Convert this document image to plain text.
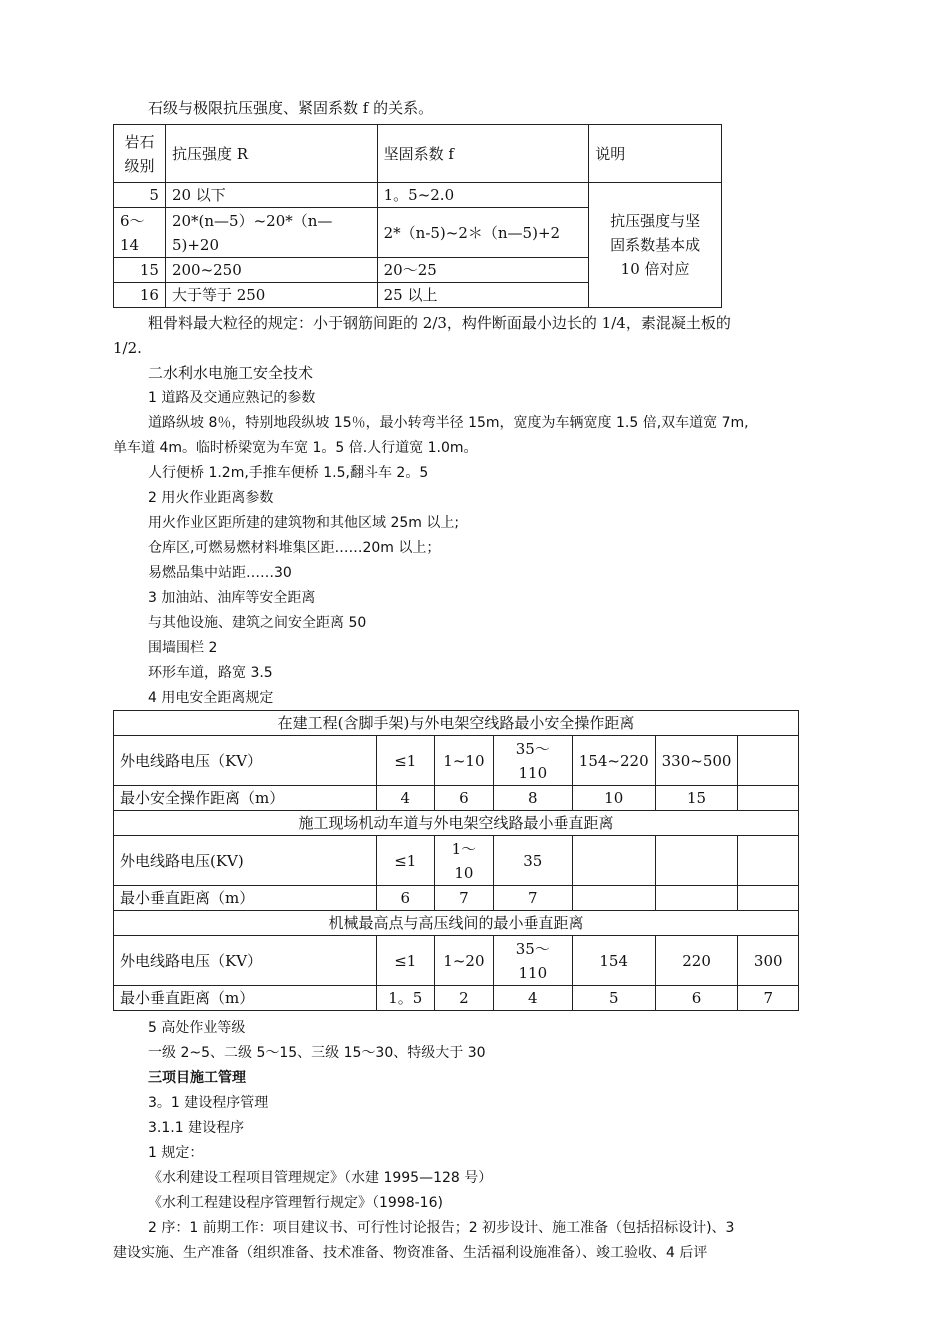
石级与极限抗压强度、紧固系数 f 的关系。
岩石
级别	抗压强度 R	坚固系数 f	说明
5	20 以下	1。5~2.0	抗压强度与坚
固系数基本成
10 倍对应

6～
14	20*(n—5）~20*（n—
5)+20	2*（n-5)~2＊（n—5)+2	
15	200~250	20～25	
16	大于等于 250	25 以上	
粗骨料最大粒径的规定：小于钢筋间距的 2/3，构件断面最小边长的 1/4，素混凝土板的
1/2.
二水利水电施工安全技术
1 道路及交通应熟记的参数
道路纵坡 8％，特别地段纵坡 15％，最小转弯半径 15m，宽度为车辆宽度 1.5 倍,双车道宽 7m,
单车道 4m。临时桥梁宽为车宽 1。5 倍.人行道宽 1.0m。
人行便桥 1.2m,手推车便桥 1.5,翻斗车 2。5
2 用火作业距离参数
用火作业区距所建的建筑物和其他区域 25m 以上;
仓库区,可燃易燃材料堆集区距……20m 以上；
易燃品集中站距……30
3 加油站、油库等安全距离
与其他设施、建筑之间安全距离 50
围墙围栏 2
环形车道，路宽 3.5
4 用电安全距离规定
在建工程(含脚手架)与外电架空线路最小安全操作距离						
外电线路电压（KV）	≤1	1~10	35～
110	154~220	330~500	
最小安全操作距离（m）	4	6	8	10	15	
施工现场机动车道与外电架空线路最小垂直距离						
外电线路电压(KV)	≤1	1～
10	35			
最小垂直距离（m）	6	7	7			
机械最高点与高压线间的最小垂直距离						
外电线路电压（KV）	≤1	1~20	35～
110	154	220	300
最小垂直距离（m）	1。5	2	4	5	6	7
5 高处作业等级
一级 2~5、二级 5～15、三级 15～30、特级大于 30
三项目施工管理
3。1 建设程序管理
3.1.1 建设程序
1 规定：
《水利建设工程项目管理规定》（水建 1995—128 号）
《水利工程建设程序管理暂行规定》（1998-16)
2 序：1 前期工作：项目建议书、可行性讨论报告；2 初步设计、施工准备（包括招标设计)、3
建设实施、生产准备（组织准备、技术准备、物资准备、生活福利设施准备）、竣工验收、4 后评
